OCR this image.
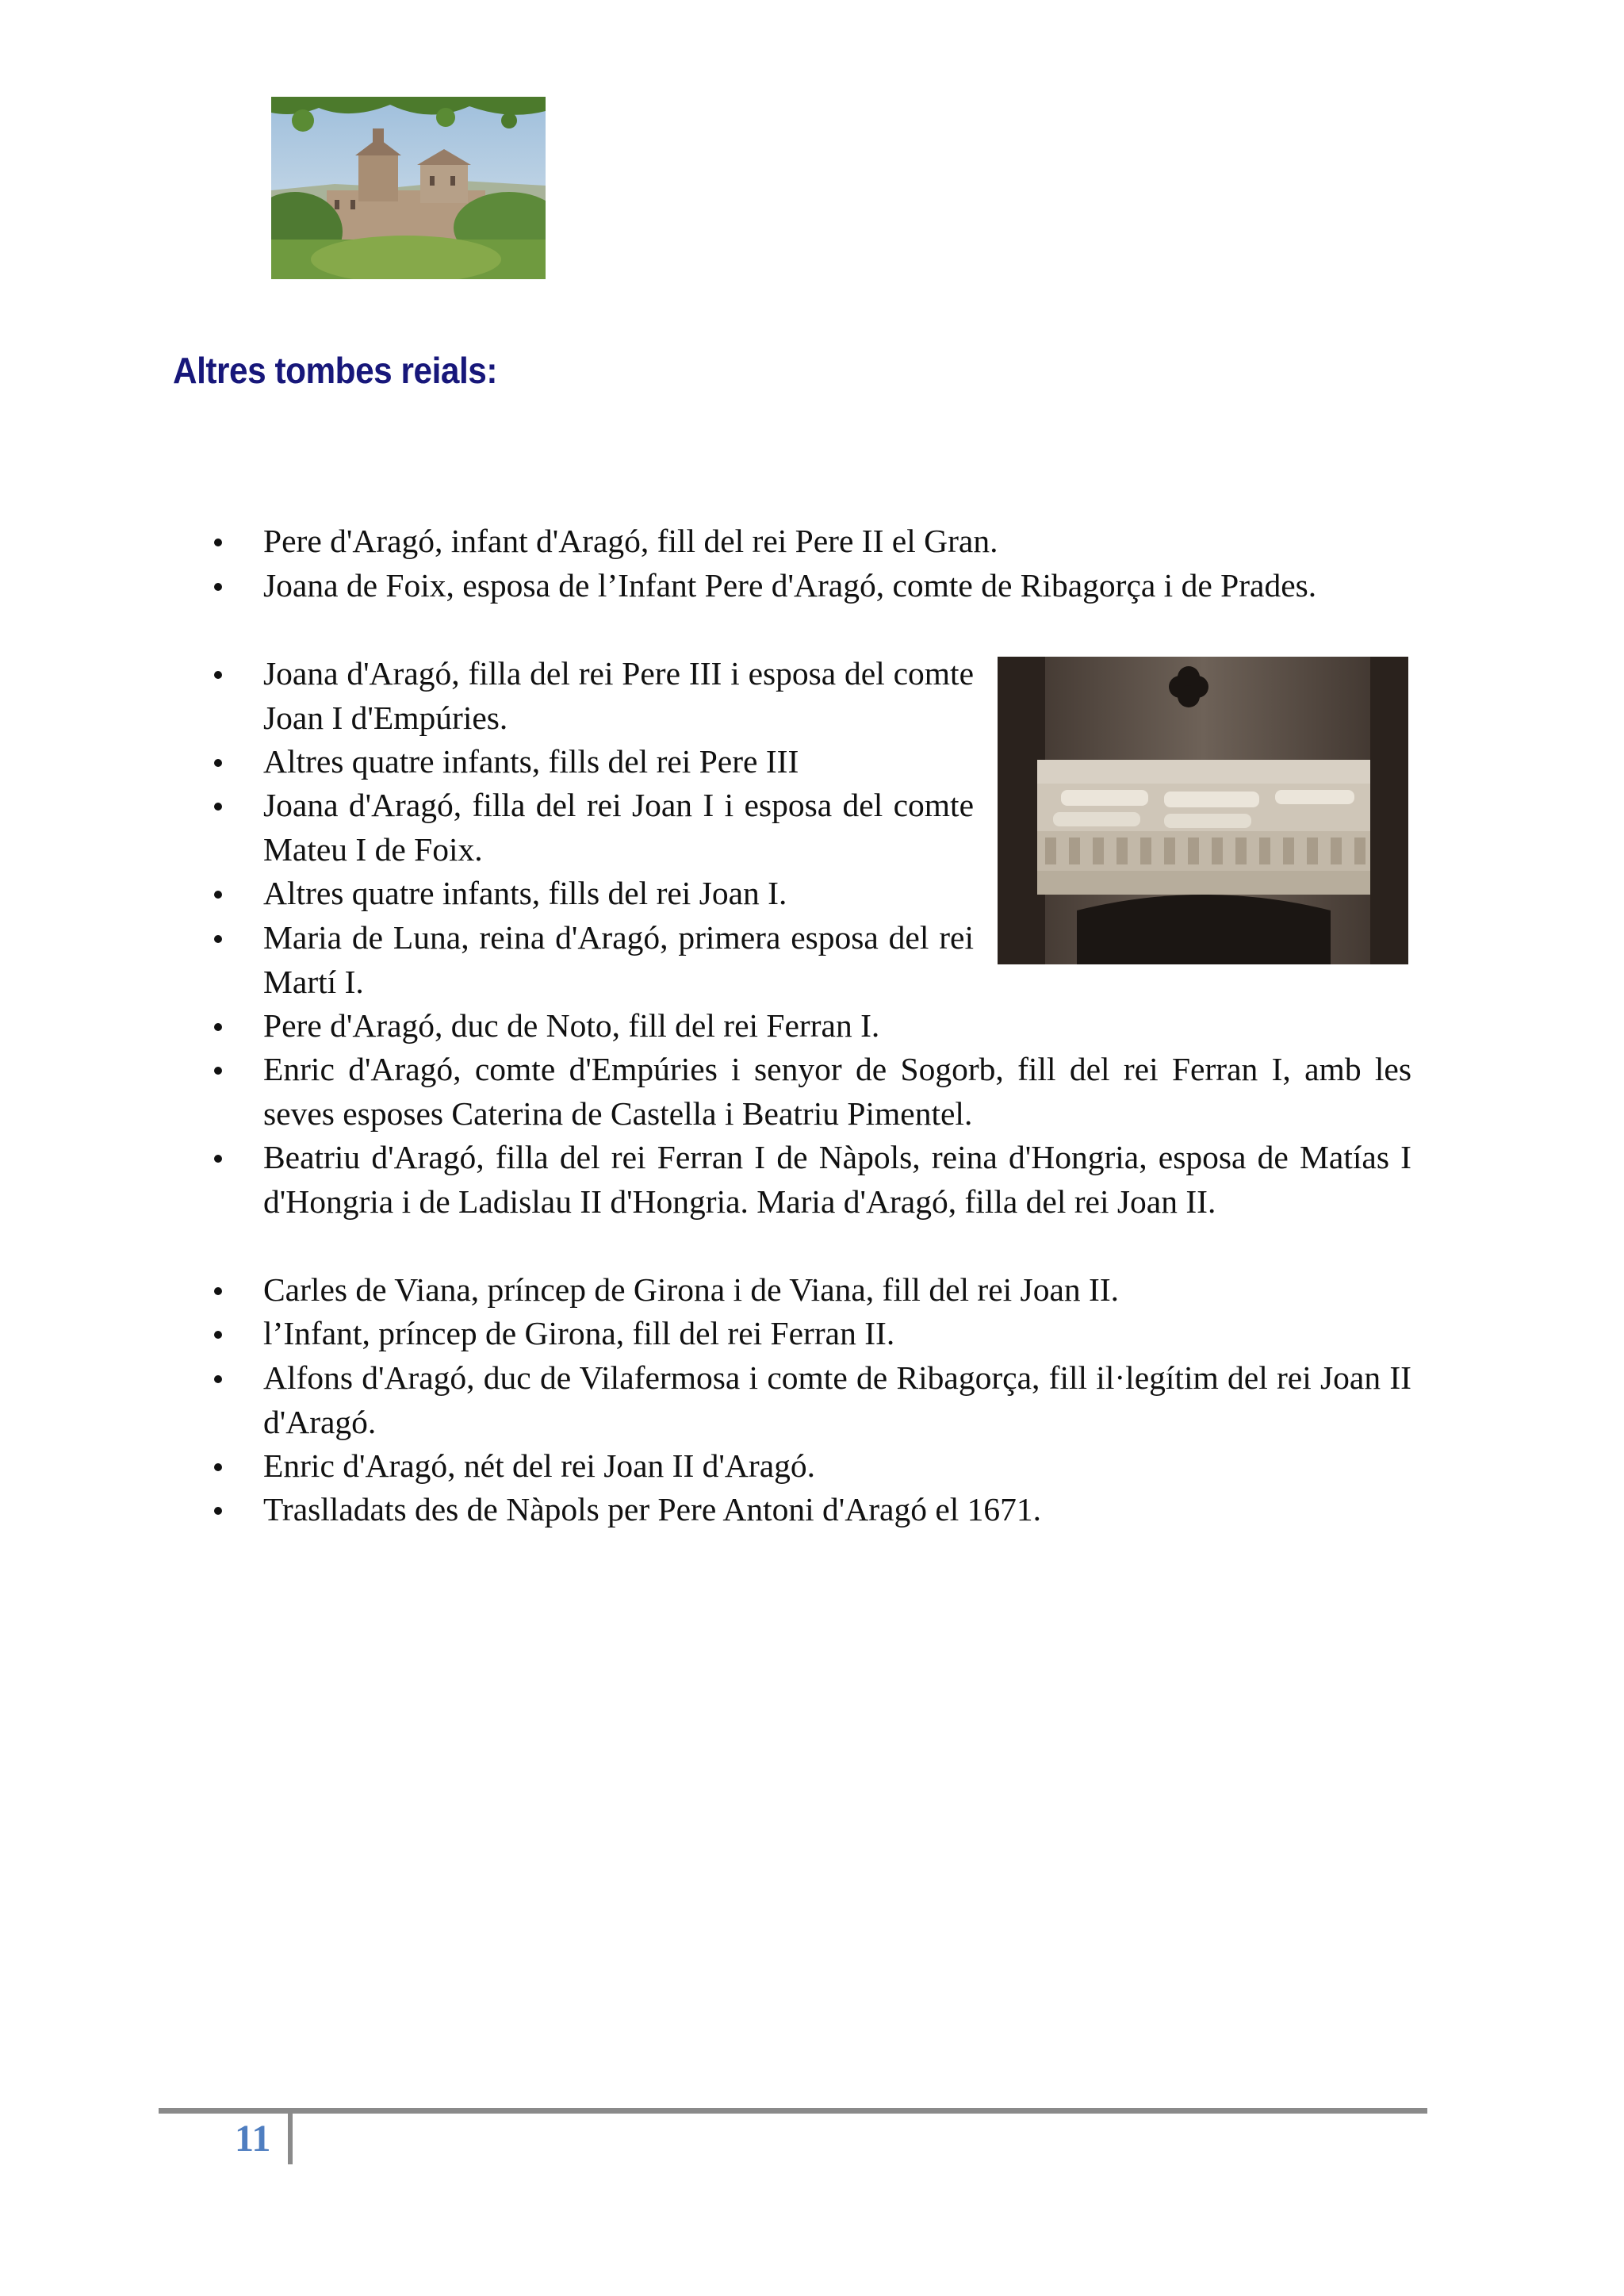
Altres tombes reials:
Pere d'Aragó, infant d'Aragó, fill del rei Pere II el Gran.
Joana de Foix, esposa de l’Infant Pere d'Aragó, comte de Ribagorça i de Prades.
Joana d'Aragó, filla del rei Pere III i esposa del comte Joan I d'Empúries.
Altres quatre infants, fills del rei Pere III
Joana d'Aragó, filla del rei Joan I i esposa del comte Mateu I de Foix.
Altres quatre infants, fills del rei Joan I.
Maria de Luna, reina d'Aragó, primera esposa del rei Martí I.
Pere d'Aragó, duc de Noto, fill del rei Ferran I.
Enric d'Aragó, comte d'Empúries i senyor de Sogorb, fill del rei Ferran I, amb les seves esposes Caterina de Castella i Beatriu Pimentel.
Beatriu d'Aragó, filla del rei Ferran I de Nàpols, reina d'Hongria, esposa de Matías I d'Hongria i de Ladislau II d'Hongria. Maria d'Aragó, filla del rei Joan II.
Carles de Viana, príncep de Girona i de Viana, fill del rei Joan II.
l’Infant, príncep de Girona, fill del rei Ferran II.
Alfons d'Aragó, duc de Vilafermosa i comte de Ribagorça, fill il·legítim del rei Joan II d'Aragó.
Enric d'Aragó, nét del rei Joan II d'Aragó.
Traslladats des de Nàpols per Pere Antoni d'Aragó el 1671.
11
